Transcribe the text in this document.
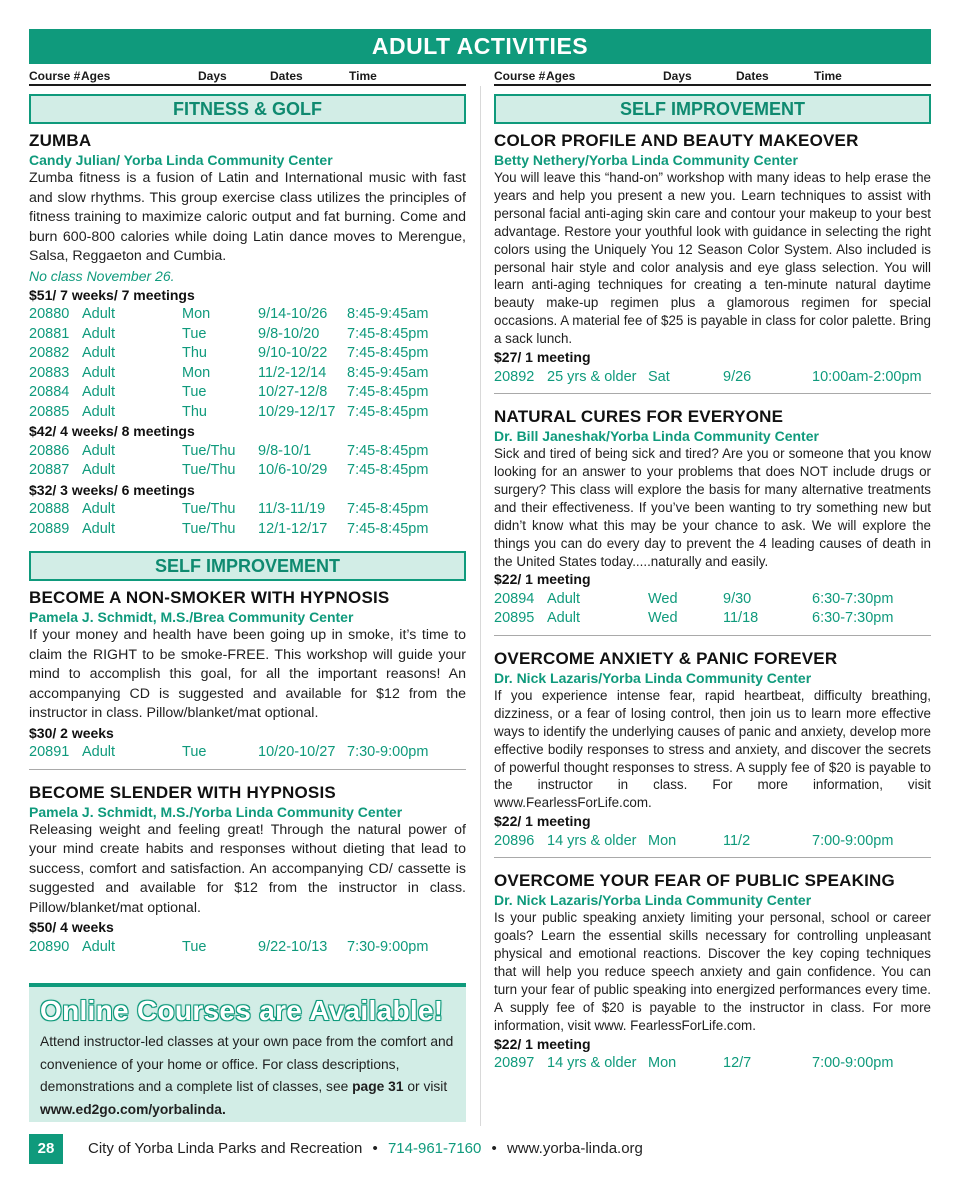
ADULT ACTIVITIES
Course # Ages	Days	Dates	Time
FITNESS & GOLF
ZUMBA
Candy Julian/ Yorba Linda Community Center
Zumba fitness is a fusion of Latin and International music with fast and slow rhythms. This group exercise class utilizes the principles of fitness training to maximize caloric output and fat burning. Come and burn 600-800 calories while doing Latin dance moves to Merengue, Salsa, Reggaeton and Cumbia.
No class November 26.
$51/ 7 weeks/ 7 meetings
20880 Adult	Mon	9/14-10/26 8:45-9:45am
20881 Adult	Tue	9/8-10/20 7:45-8:45pm
20882 Adult	Thu	9/10-10/22 7:45-8:45pm
20883 Adult	Mon	11/2-12/14 8:45-9:45am
20884 Adult	Tue	10/27-12/8 7:45-8:45pm
20885 Adult	Thu	10/29-12/17 7:45-8:45pm
$42/ 4 weeks/ 8 meetings
20886 Adult	Tue/Thu 9/8-10/1 7:45-8:45pm
20887 Adult	Tue/Thu 10/6-10/29 7:45-8:45pm
$32/ 3 weeks/ 6 meetings
20888 Adult	Tue/Thu 11/3-11/19 7:45-8:45pm
20889 Adult	Tue/Thu 12/1-12/17 7:45-8:45pm
SELF IMPROVEMENT
BECOME A NON-SMOKER WITH HYPNOSIS
Pamela J. Schmidt, M.S./Brea Community Center
If your money and health have been going up in smoke, it’s time to claim the RIGHT to be smoke-FREE. This workshop will guide your mind to accomplish this goal, for all the important reasons! An accompanying CD is suggested and available for $12 from the instructor in class. Pillow/blanket/mat optional.
$30/ 2 weeks
20891 Adult	Tue	10/20-10/27 7:30-9:00pm
BECOME SLENDER WITH HYPNOSIS
Pamela J. Schmidt, M.S./Yorba Linda Community Center
Releasing weight and feeling great! Through the natural power of your mind create habits and responses without dieting that lead to success, comfort and satisfaction. An accompanying CD/ cassette is suggested and available for $12 from the instructor in class. Pillow/blanket/mat optional.
$50/ 4 weeks
20890 Adult	Tue	9/22-10/13 7:30-9:00pm
Course # Ages	Days	Dates	Time
SELF IMPROVEMENT
COLOR PROFILE AND BEAUTY MAKEOVER
Betty Nethery/Yorba Linda Community Center
You will leave this “hand-on” workshop with many ideas to help erase the years and help you present a new you. Learn techniques to assist with personal facial anti-aging skin care and contour your makeup to your best advantage. Restore your youthful look with guidance in selecting the right colors using the Uniquely You 12 Season Color System. Also included is personal hair style and color analysis and eye glass selection. You will learn anti-aging techniques for creating a ten-minute natural daytime beauty make-up regimen plus a glamorous regimen for special occasions. A material fee of $25 is payable in class for color palette. Bring a sack lunch.
$27/ 1 meeting
20892 25 yrs & older Sat	9/26	10:00am-2:00pm
NATURAL CURES FOR EVERYONE
Dr. Bill Janeshak/Yorba Linda Community Center
Sick and tired of being sick and tired? Are you or someone that you know looking for an answer to your problems that does NOT include drugs or surgery? This class will explore the basis for many alternative treatments and their effectiveness. If you’ve been wanting to try something new but didn’t know what this may be your chance to ask. We will explore the things you can do every day to prevent the 4 leading causes of death in the United States today.....naturally and easily.
$22/ 1 meeting
20894 Adult	Wed	9/30	6:30-7:30pm
20895 Adult	Wed	11/18	6:30-7:30pm
OVERCOME ANXIETY & PANIC FOREVER
Dr. Nick Lazaris/Yorba Linda Community Center
If you experience intense fear, rapid heartbeat, difficulty breathing, dizziness, or a fear of losing control, then join us to learn more effective ways to identify the underlying causes of panic and anxiety, develop more effective bodily responses to stress and anxiety, and discover the secrets of powerful thought responses to stress. A supply fee of $20 is payable to the instructor in class. For more information, visit www.FearlessForLife.com.
$22/ 1 meeting
20896 14 yrs & older Mon	11/2	7:00-9:00pm
OVERCOME YOUR FEAR OF PUBLIC SPEAKING
Dr. Nick Lazaris/Yorba Linda Community Center
Is your public speaking anxiety limiting your personal, school or career goals? Learn the essential skills necessary for controlling unpleasant physical and emotional reactions. Discover the key coping techniques that will help you reduce speech anxiety and gain confidence. You can turn your fear of public speaking into energized performances every time. A supply fee of $20 is payable to the instructor in class. For more information, visit www. FearlessForLife.com.
$22/ 1 meeting
20897 14 yrs & older Mon	12/7	7:00-9:00pm
Online Courses are Available!
Attend instructor-led classes at your own pace from the comfort and convenience of your home or office. For class descriptions, demonstrations and a complete list of classes, see page 31 or visit www.ed2go.com/yorbalinda.
28	City of Yorba Linda Parks and Recreation • 714-961-7160 • www.yorba-linda.org
